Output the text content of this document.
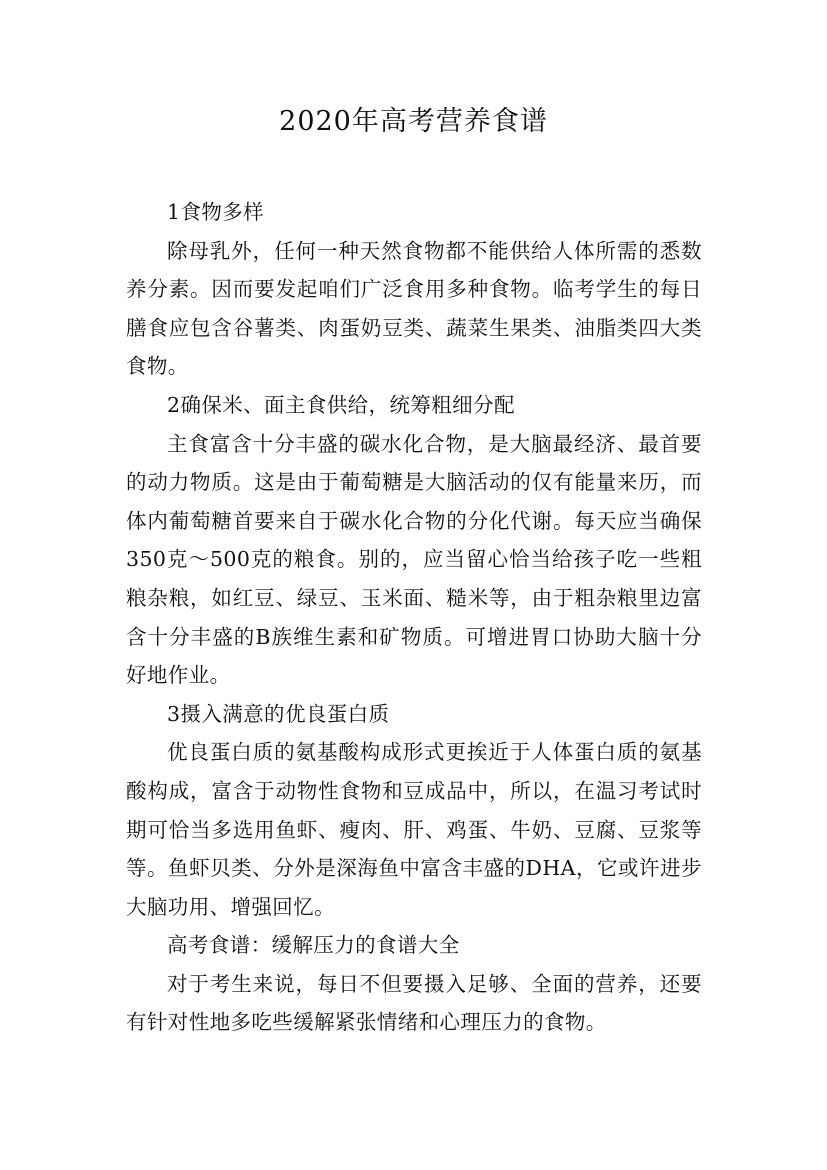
2020年高考营养食谱

1食物多样

除母乳外，任何一种天然食物都不能供给人体所需的悉数养分素。因而要发起咱们广泛食用多种食物。临考学生的每日膳食应包含谷薯类、肉蛋奶豆类、蔬菜生果类、油脂类四大类食物。

2确保米、面主食供给，统筹粗细分配

主食富含十分丰盛的碳水化合物，是大脑最经济、最首要的动力物质。这是由于葡萄糖是大脑活动的仅有能量来历，而体内葡萄糖首要来自于碳水化合物的分化代谢。每天应当确保350克～500克的粮食。别的，应当留心恰当给孩子吃一些粗粮杂粮，如红豆、绿豆、玉米面、糙米等，由于粗杂粮里边富含十分丰盛的B族维生素和矿物质。可增进胃口协助大脑十分好地作业。

3摄入满意的优良蛋白质

优良蛋白质的氨基酸构成形式更挨近于人体蛋白质的氨基酸构成，富含于动物性食物和豆成品中，所以，在温习考试时期可恰当多选用鱼虾、瘦肉、肝、鸡蛋、牛奶、豆腐、豆浆等等。鱼虾贝类、分外是深海鱼中富含丰盛的DHA，它或许进步大脑功用、增强回忆。

高考食谱：缓解压力的食谱大全

对于考生来说，每日不但要摄入足够、全面的营养，还要有针对性地多吃些缓解紧张情绪和心理压力的食物。
